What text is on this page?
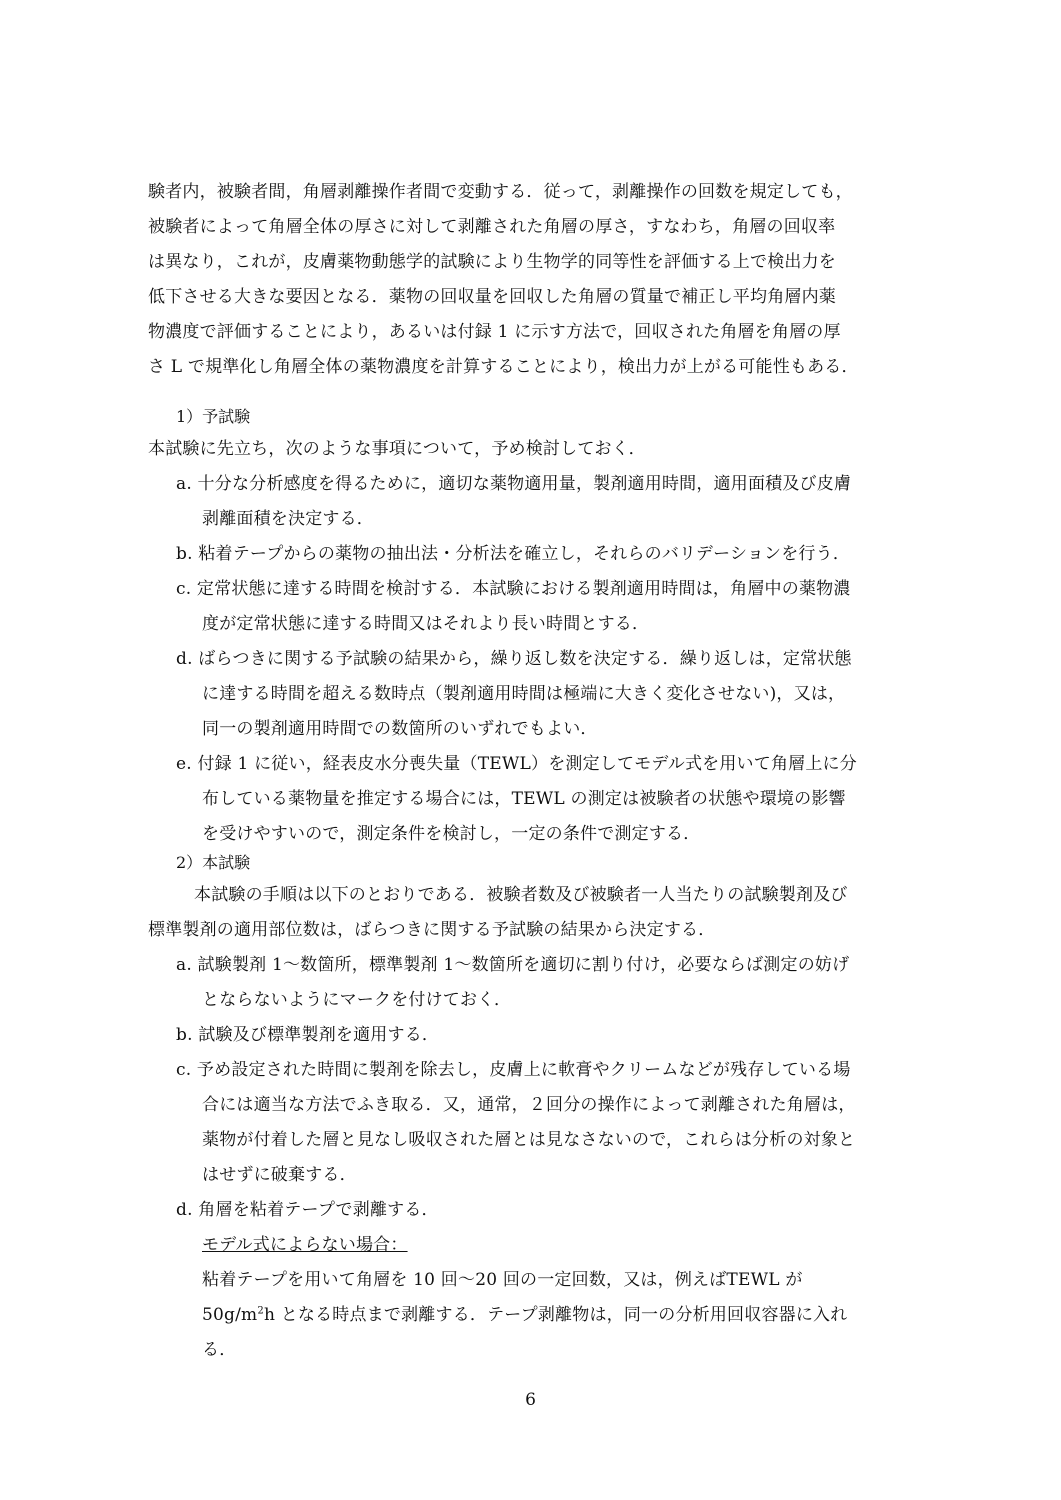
験者内，被験者間，角層剥離操作者間で変動する．従って，剥離操作の回数を規定しても，
被験者によって角層全体の厚さに対して剥離された角層の厚さ，すなわち，角層の回収率
は異なり，これが，皮膚薬物動態学的試験により生物学的同等性を評価する上で検出力を
低下させる大きな要因となる．薬物の回収量を回収した角層の質量で補正し平均角層内薬
物濃度で評価することにより，あるいは付録 1 に示す方法で，回収された角層を角層の厚
さ L で規準化し角層全体の薬物濃度を計算することにより，検出力が上がる可能性もある．
1）予試験
本試験に先立ち，次のような事項について，予め検討しておく．
a. 十分な分析感度を得るために，適切な薬物適用量，製剤適用時間，適用面積及び皮膚
剥離面積を決定する．
b. 粘着テープからの薬物の抽出法・分析法を確立し，それらのバリデーションを行う．
c. 定常状態に達する時間を検討する．本試験における製剤適用時間は，角層中の薬物濃
度が定常状態に達する時間又はそれより長い時間とする．
d. ばらつきに関する予試験の結果から，繰り返し数を決定する．繰り返しは，定常状態
に達する時間を超える数時点（製剤適用時間は極端に大きく変化させない)，又は，
同一の製剤適用時間での数箇所のいずれでもよい．
e. 付録 1 に従い，経表皮水分喪失量（TEWL）を測定してモデル式を用いて角層上に分
布している薬物量を推定する場合には，TEWL の測定は被験者の状態や環境の影響
を受けやすいので，測定条件を検討し，一定の条件で測定する．
2）本試験
本試験の手順は以下のとおりである．被験者数及び被験者一人当たりの試験製剤及び
標準製剤の適用部位数は，ばらつきに関する予試験の結果から決定する．
a. 試験製剤 1～数箇所，標準製剤 1～数箇所を適切に割り付け，必要ならば測定の妨げ
とならないようにマークを付けておく．
b. 試験及び標準製剤を適用する．
c. 予め設定された時間に製剤を除去し，皮膚上に軟膏やクリームなどが残存している場
合には適当な方法でふき取る．又，通常，２回分の操作によって剥離された角層は，
薬物が付着した層と見なし吸収された層とは見なさないので，これらは分析の対象と
はせずに破棄する．
d. 角層を粘着テープで剥離する．
モデル式によらない場合：
粘着テープを用いて角層を 10 回～20 回の一定回数，又は，例えばTEWL が
$50g/m^2h$ となる時点まで剥離する．テープ剥離物は，同一の分析用回収容器に入れ
る．
6
